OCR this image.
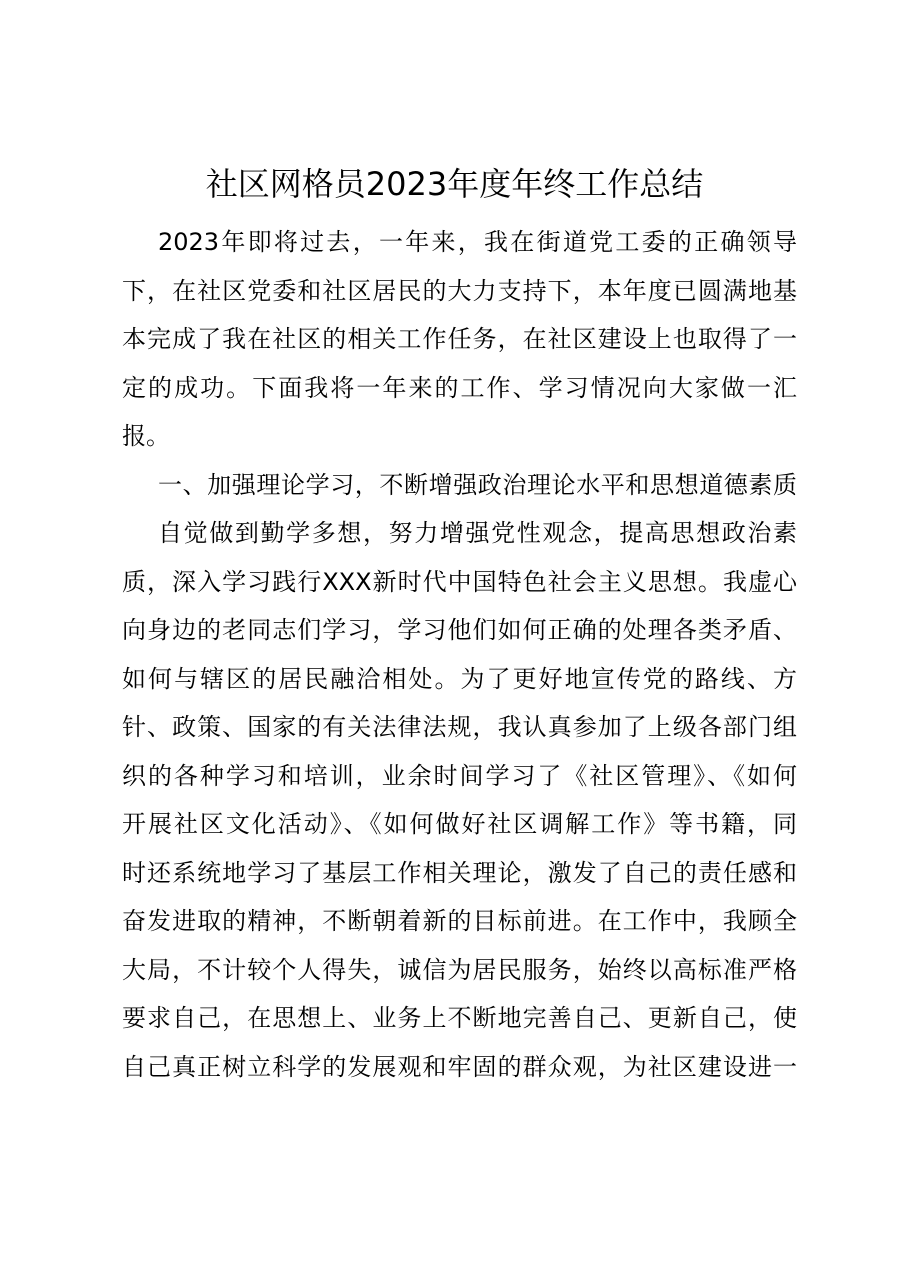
社区网格员2023年度年终工作总结
2023年即将过去，一年来，我在街道党工委的正确领导
下，在社区党委和社区居民的大力支持下，本年度已圆满地基
本完成了我在社区的相关工作任务，在社区建设上也取得了一
定的成功。下面我将一年来的工作、学习情况向大家做一汇
报。
一、加强理论学习，不断增强政治理论水平和思想道德素质
自觉做到勤学多想，努力增强党性观念，提高思想政治素
质，深入学习践行XXX新时代中国特色社会主义思想。我虚心
向身边的老同志们学习，学习他们如何正确的处理各类矛盾、
如何与辖区的居民融洽相处。为了更好地宣传党的路线、方
针、政策、国家的有关法律法规，我认真参加了上级各部门组
织的各种学习和培训，业余时间学习了《社区管理》、《如何
开展社区文化活动》、《如何做好社区调解工作》等书籍，同
时还系统地学习了基层工作相关理论，激发了自己的责任感和
奋发进取的精神，不断朝着新的目标前进。在工作中，我顾全
大局，不计较个人得失，诚信为居民服务，始终以高标准严格
要求自己，在思想上、业务上不断地完善自己、更新自己，使
自己真正树立科学的发展观和牢固的群众观，为社区建设进一
